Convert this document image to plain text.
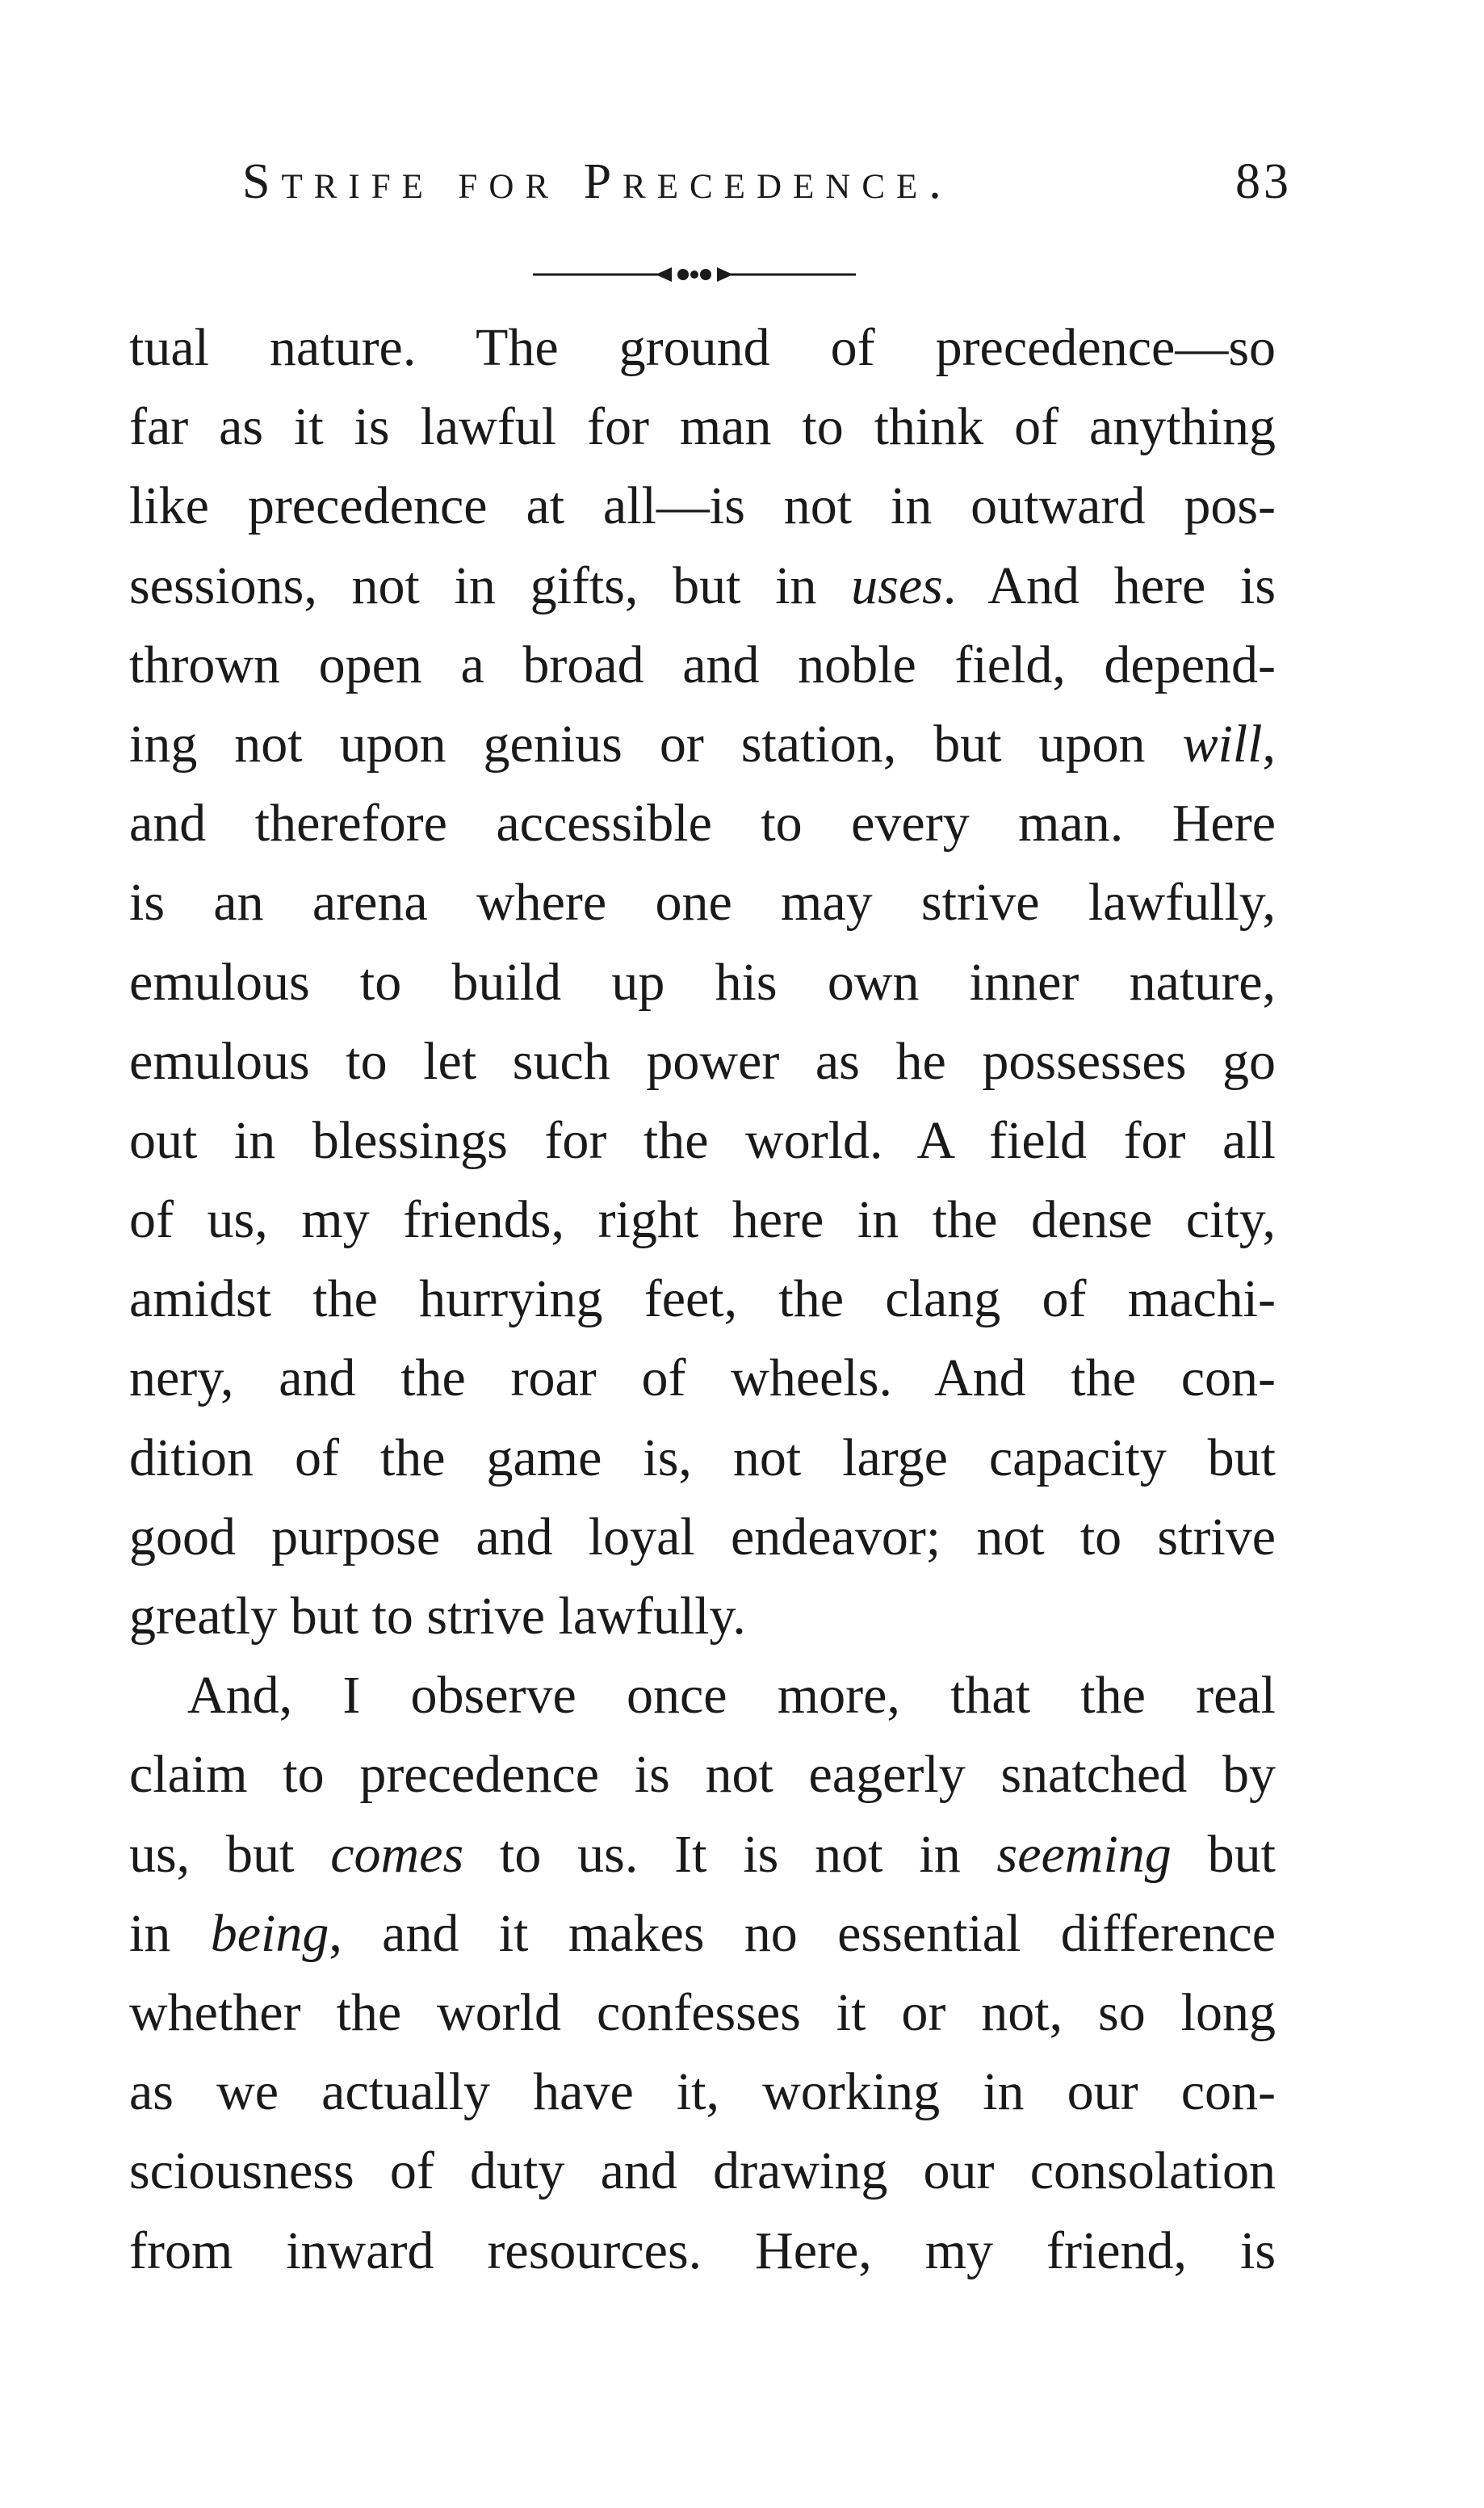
Strife for Precedence.	83
tual nature. The ground of precedence—so
far as it is lawful for man to think of anything
like precedence at all—is not in outward pos-
sessions, not in gifts, but in uses. And here is
thrown open a broad and noble field, depend-
ing not upon genius or station, but upon will,
and therefore accessible to every man. Here
is an arena where one may strive lawfully,
emulous to build up his own inner nature,
emulous to let such power as he possesses go
out in blessings for the world. A field for all
of us, my friends, right here in the dense city,
amidst the hurrying feet, the clang of machi-
nery, and the roar of wheels. And the con-
dition of the game is, not large capacity but
good purpose and loyal endeavor; not to strive
greatly but to strive lawfully.
And, I observe once more, that the real
claim to precedence is not eagerly snatched by
us, but comes to us. It is not in seeming but
in being, and it makes no essential difference
whether the world confesses it or not, so long
as we actually have it, working in our con-
sciousness of duty and drawing our consolation
from inward resources. Here, my friend, is
